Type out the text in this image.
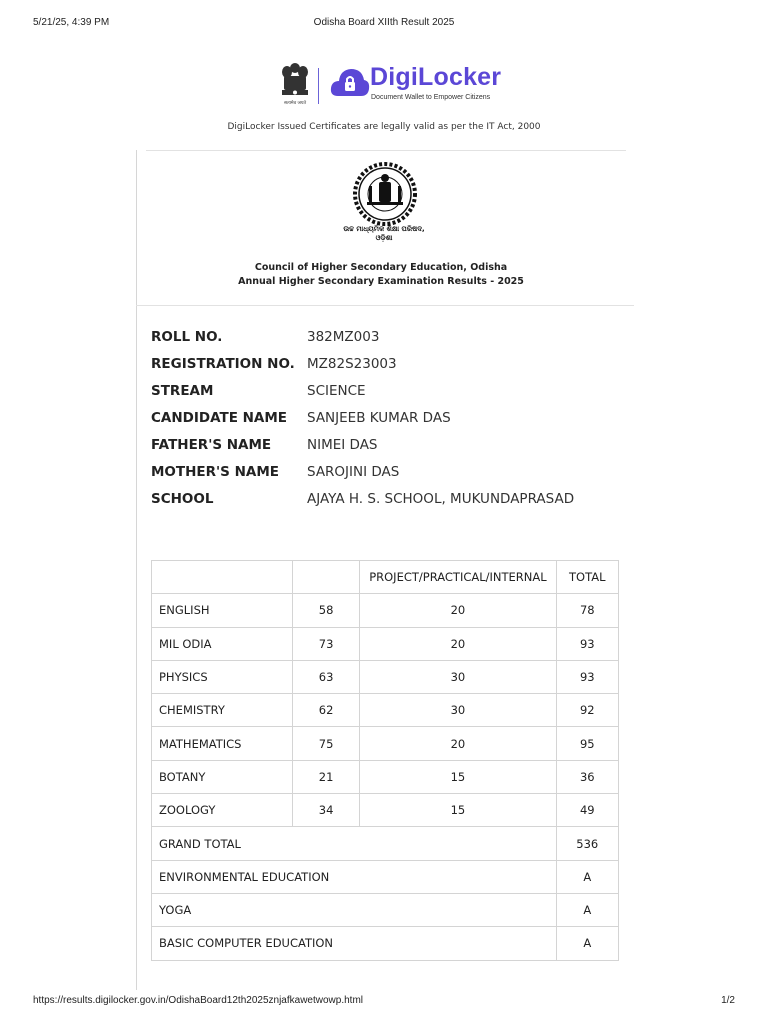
5/21/25, 4:39 PM	Odisha Board XIIth Result 2025
सत्यमेव जयते
DigiLocker
Document Wallet to Empower Citizens
DigiLocker Issued Certificates are legally valid as per the IT Act, 2000
ଉଚ୍ଚ ମାଧ୍ୟମିକ ଶିକ୍ଷା ପରିଷଦ, ଓଡ଼ିଶା
Council of Higher Secondary Education, Odisha
Annual Higher Secondary Examination Results - 2025
ROLL NO.	382MZ003
REGISTRATION NO. MZ82S23003
STREAM	SCIENCE
CANDIDATE NAME	SANJEEB KUMAR DAS
FATHER'S NAME	NIMEI DAS
MOTHER'S NAME	SAROJINI DAS
SCHOOL	AJAYA H. S. SCHOOL, MUKUNDAPRASAD
		PROJECT/PRACTICAL/INTERNAL	TOTAL
ENGLISH	58	20	78
MIL ODIA	73	20	93
PHYSICS	63	30	93
CHEMISTRY	62	30	92
MATHEMATICS	75	20	95
BOTANY	21	15	36
ZOOLOGY	34	15	49
GRAND TOTAL			536
ENVIRONMENTAL EDUCATION			A
YOGA			A
BASIC COMPUTER EDUCATION			A
https://results.digilocker.gov.in/OdishaBoard12th2025znjafkawetwowp.html	1/2
